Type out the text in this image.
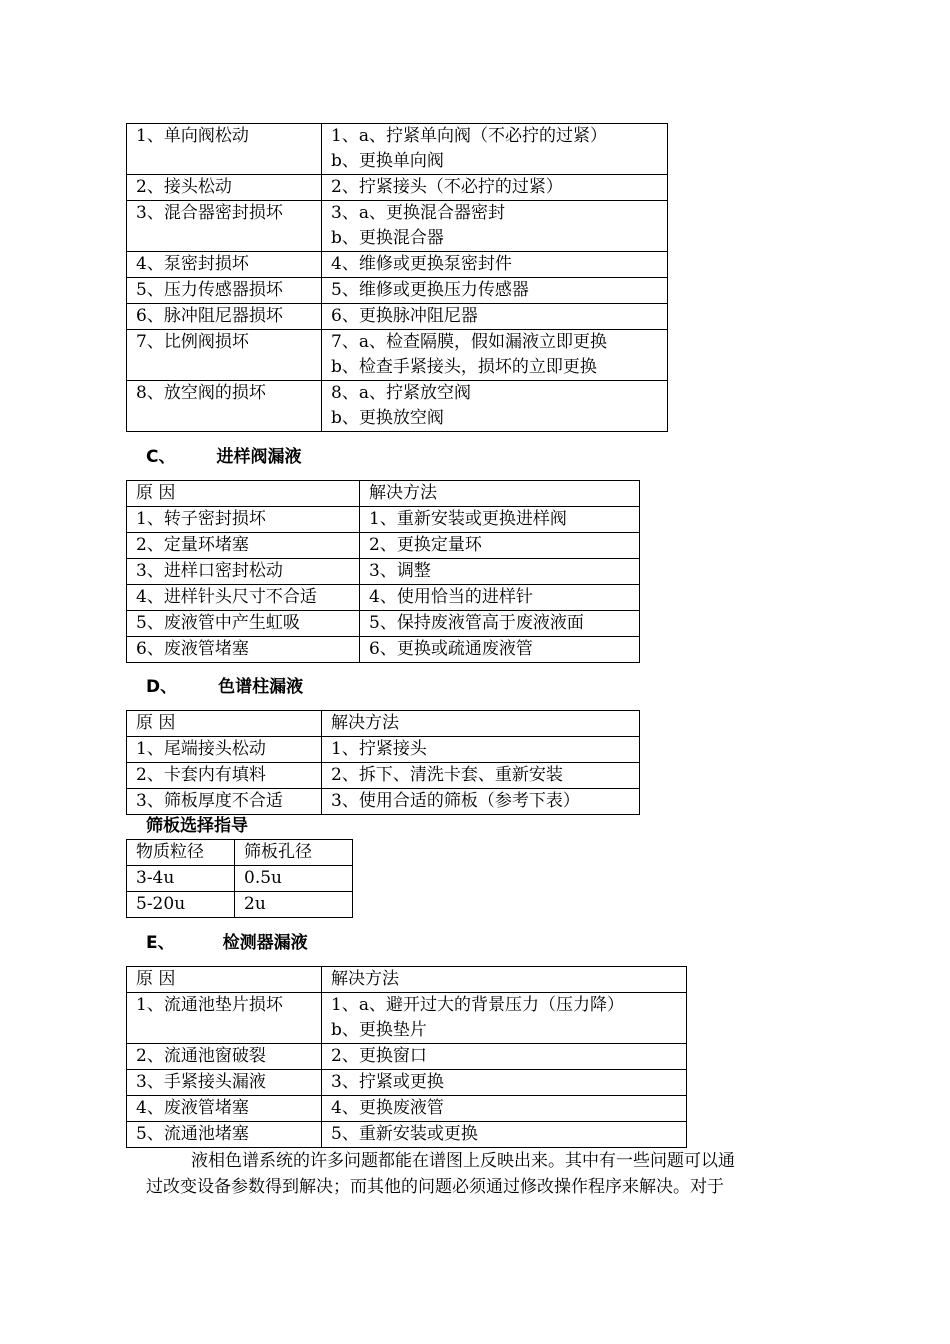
1、单向阀松动	1、a、拧紧单向阀（不必拧的过紧）
b、更换单向阀

2、接头松动	2、拧紧接头（不必拧的过紧）

3、混合器密封损坏	3、a、更换混合器密封
b、更换混合器

4、泵密封损坏	4、维修或更换泵密封件

5、压力传感器损坏	5、维修或更换压力传感器

6、脉冲阻尼器损坏	6、更换脉冲阻尼器

7、比例阀损坏	7、a、检查隔膜，假如漏液立即更换
b、检查手紧接头，损坏的立即更换

8、放空阀的损坏	8、a、拧紧放空阀
b、更换放空阀
C、 进样阀漏液
原 因	解决方法

1、转子密封损坏	1、重新安装或更换进样阀

2、定量环堵塞	2、更换定量环

3、进样口密封松动	3、调整

4、进样针头尺寸不合适	4、使用恰当的进样针

5、废液管中产生虹吸	5、保持废液管高于废液液面

6、废液管堵塞	6、更换或疏通废液管
D、 色谱柱漏液
原 因	解决方法

1、尾端接头松动	1、拧紧接头

2、卡套内有填料	2、拆下、清洗卡套、重新安装

3、筛板厚度不合适	3、使用合适的筛板（参考下表）
筛板选择指导
物质粒径	筛板孔径

3-4u	0.5u

5-20u	2u
E、	检测器漏液
原 因	解决方法

1、流通池垫片损坏	1、a、避开过大的背景压力（压力降）
b、更换垫片

2、流通池窗破裂	2、更换窗口

3、手紧接头漏液	3、拧紧或更换

4、废液管堵塞	4、更换废液管

5、流通池堵塞	5、重新安装或更换

液相色谱系统的许多问题都能在谱图上反映出来。其中有一些问题可以通

过改变设备参数得到解决；而其他的问题必须通过修改操作程序来解决。对于
